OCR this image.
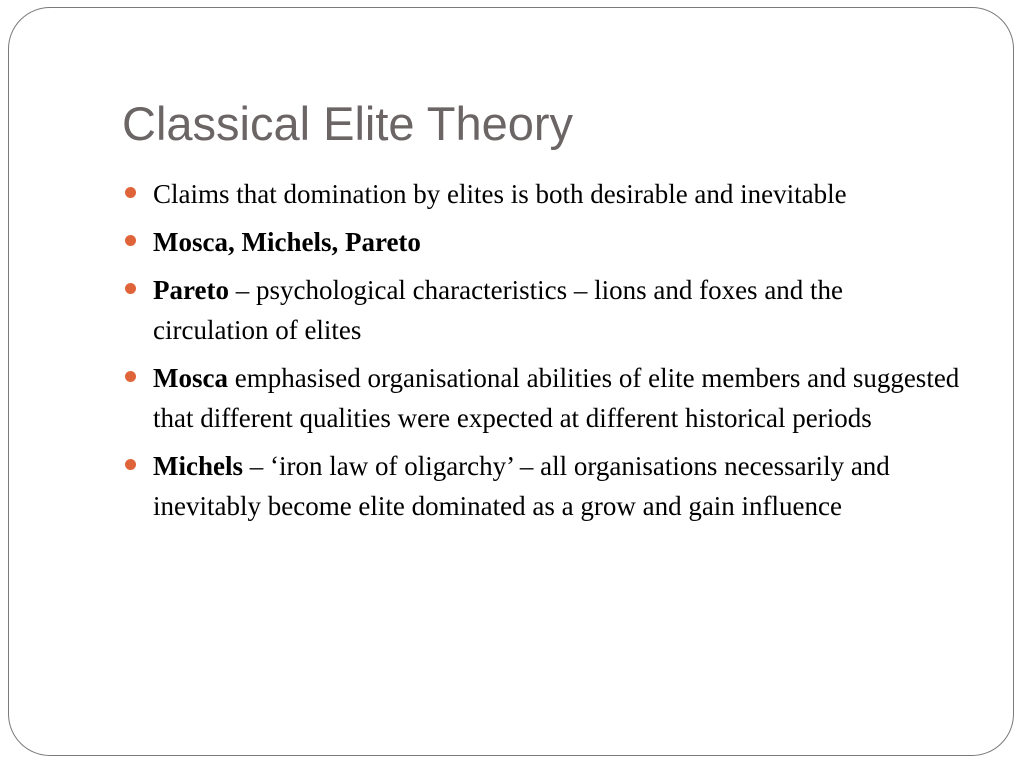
Classical Elite Theory
Claims that domination by elites is both desirable and inevitable
Mosca, Michels, Pareto
Pareto – psychological characteristics – lions and foxes and the circulation of elites
Mosca emphasised organisational abilities of elite members and suggested that different qualities were expected at different historical periods
Michels – ‘iron law of oligarchy’ – all organisations necessarily and inevitably become elite dominated as a grow and gain influence
